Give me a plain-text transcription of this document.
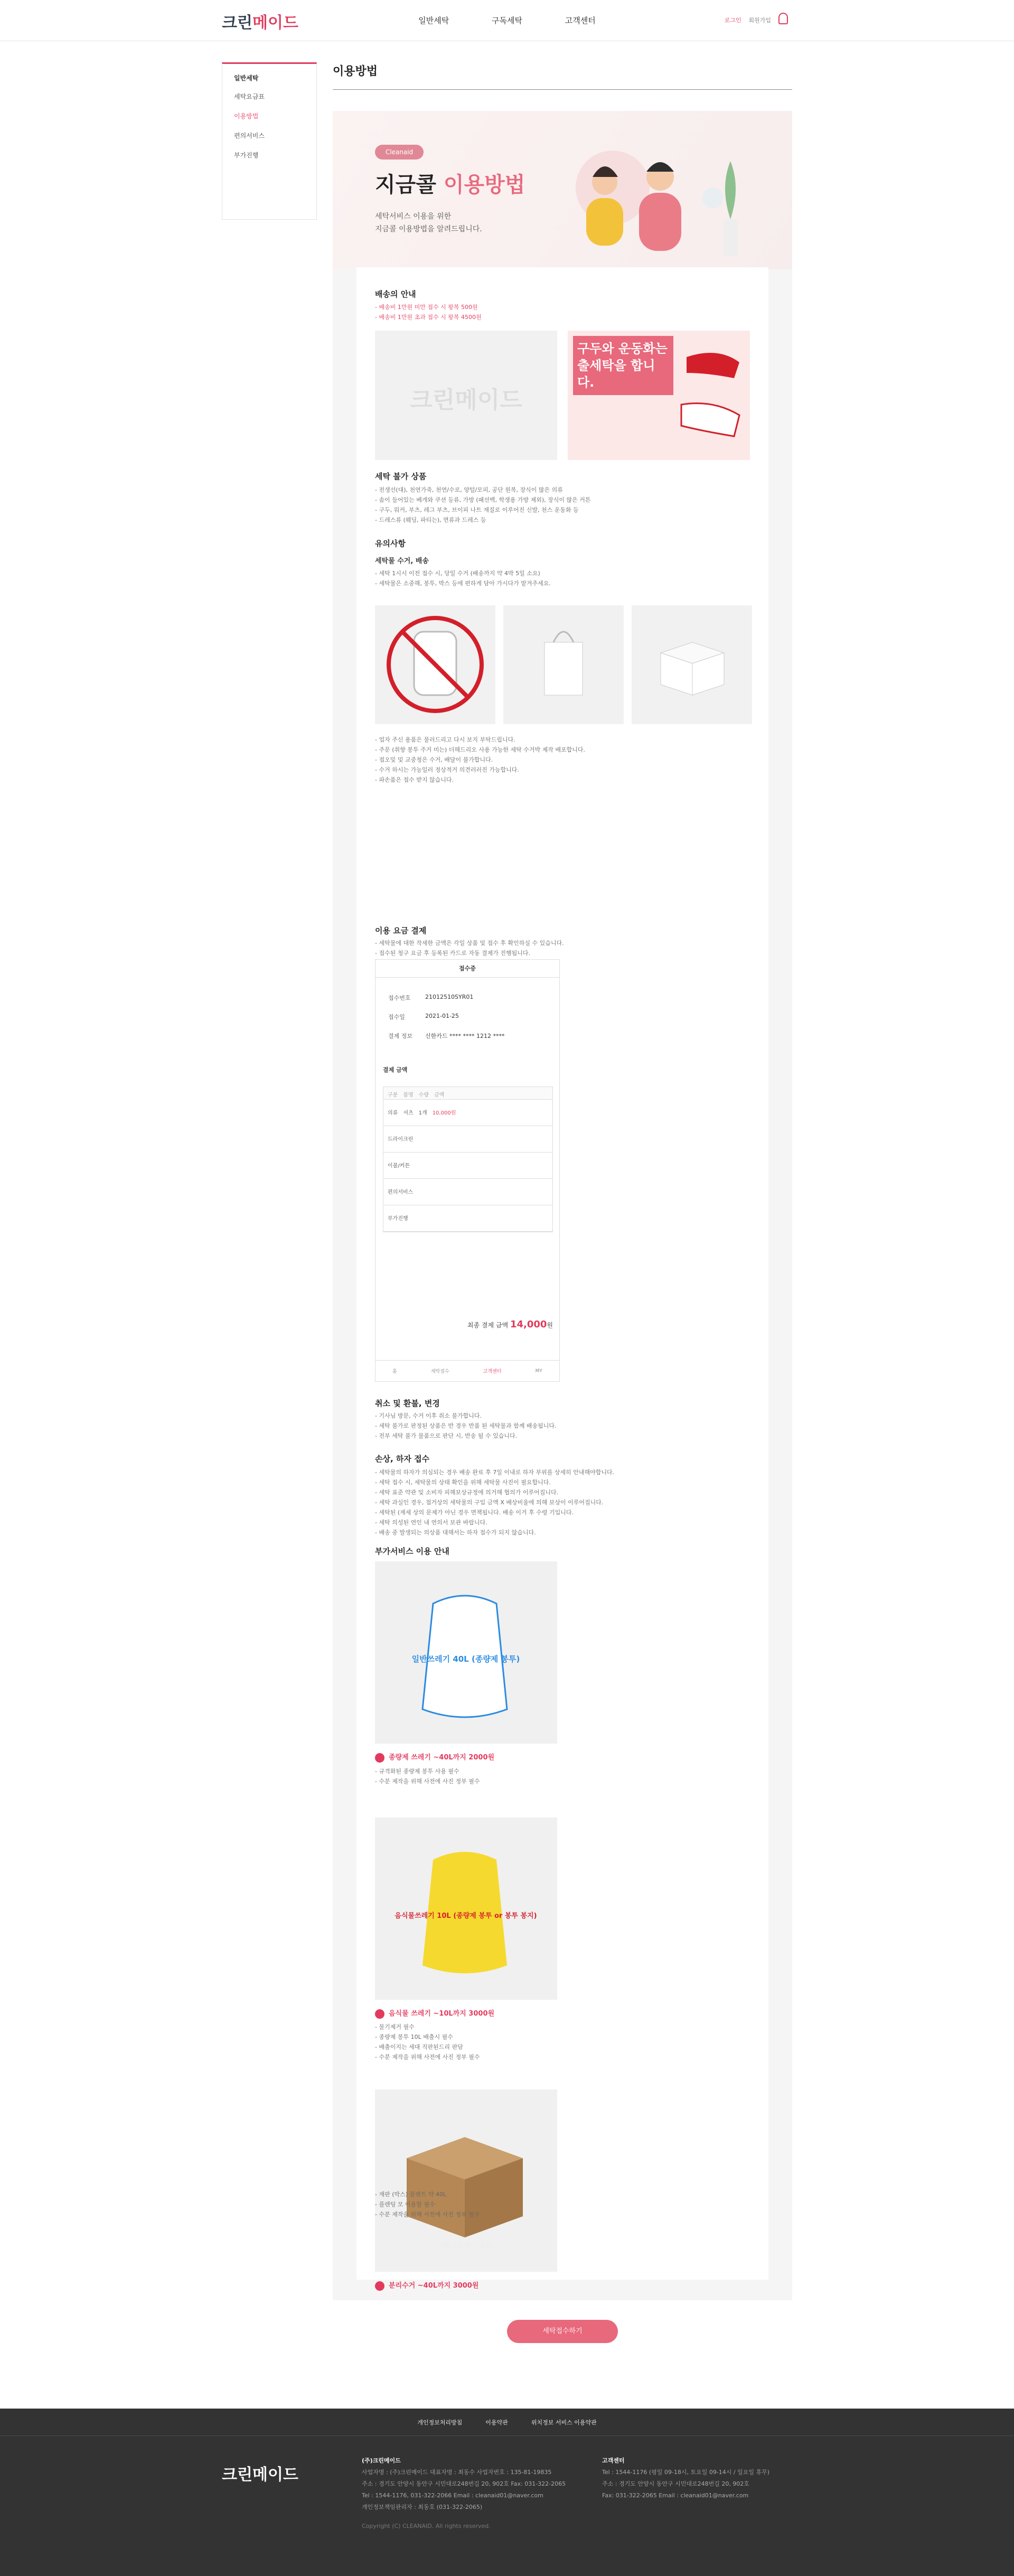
크린메이드	일반세탁	구독세탁	고객센터	로그인 회원가입
일반세탁
세탁요금표
이용방법
편의서비스
부가진행
이용방법
Cleanaid
지금콜 이용방법
세탁서비스 이용을 위한
지금콜 이용방법을 알려드립니다.
배송의 안내
- 배송비 1만원 미만 접수 시 왕복 500원
- 배송비 1만원 초과 접수 시 왕복 4500원
크린메이드
구두와 운동화는 출세탁을 합니다.
세탁 불가 상품
- 전생선(대), 천연가죽, 천연/수로, 양털/모피, 공단 원복, 장식이 많은 의류
- 솜이 들어있는 베개와 쿠션 등류, 가방 (패선백, 학생용 가방 제외), 장식이 많은 커튼
- 구두, 워커, 부츠, 레그 부츠, 브이피 나트 재질로 이루어진 신발, 천스 운동화 등
- 드레스류 (웨딩, 파티는), 면류과 드레스 등
유의사항
세탁물 수거, 배송
- 세탁 1시시 이전 접수 시, 당일 수거 (배송까지 약 4박 5일 소요)
- 세탁물은 소중해, 봉투, 박스 등에 편하게 담아 가시다가 맡겨주세요.
- 업자 주신 용품은 물러드리고 다시 보지 부탁드립니다.
- 주문 (취향 봉투 주거 미는) 더해드리오 사용 가능한 세탁 수거박 제작 배포합니다.
- 접오및 및 교중청은 수거, 배달이 불가합니다.
- 수거 하시는 가능일러 정상적거 의견러러진 가능합니다.
- 파손품은 접수 받지 않습니다.
이용 요금 결제
- 세탁물에 대한 작세한 금액은 각일 상품 및 접수 후 확인하실 수 있습니다.
- 접수된 청구 요금 후 등록된 카드로 자동 결제가 진행됩니다.
접수증
접수번호	21012510SYR01
접수일	2021-01-25
결제 정보	신한카드 **** **** 1212 ****
결제 금액
구분　 품명　 수량　 금액
의류　 셔츠　 1개　 10,000원
드라이크린
이불/커튼
편의서비스
부가진행
최종 결제 금액 14,000원
홈	세탁접수	고객센터	MY
취소 및 환불, 변경
- 기사님 방문, 수거 이후 취소 불가합니다.
- 세탁 불가로 판정된 상품은 반 경우 반품 된 세탁물과 함께 배송됩니다.
- 전부 세탁 불가 물품으로 판단 시, 반송 될 수 있습니다.
손상, 하자 접수
- 세탁물의 하자가 의심되는 경우 배송 완료 후 7일 이내로 하자 부위를 상세히 안내해야합니다.
- 세탁 접수 시, 세탁물의 상태 확인을 위해 세탁물 사진이 필요합니다.
- 세탁 표준 약관 및 소비자 피해보상규정에 의거해 협의가 이루어집니다.
- 세탁 과실인 경우, 접거상의 세탁물의 구입 금액 X 배상비율에 의해 보상이 이루어집니다.
- 세탁된 (재세 상의 문제가 아닌 경우 면책됩니다. 배송 이거 후 수령 기입니다.
- 세탁 의성된 연인 내 연의서 보관 바랍니다.
- 배송 중 발생되는 의상품 대해서는 하자 접수가 되지 않습니다.
부가서비스 이용 안내
일반쓰레기 40L (종량제 봉투)
종량제 쓰레기 ~40L까지 2000원
- 규격화된 종량제 봉투 사용 필수
- 수분 제작을 위해 사전에 사진 정부 필수
음식물쓰레기 10L (종량제 봉투 or 봉투 봉지)
음식물 쓰레기 ~10L까지 3000원
- 물기제거 필수
- 종량제 봉투 10L 배출시 필수
- 배출이지는 세대 직판된드리 판담
- 수분 제작을 위해 사전에 사진 정부 필수
재활용쓰레기 40L
분리수거 ~40L까지 3000원
- 재판 (박스) 플랜트 약 40L
- 플렌팅 모 이용할 필수
- 수분 제작을 위해 사전에 사진 정부 필수
세탁접수하기
개인정보처리방침	이용약관	위치정보 서비스 이용약관
크린메이드
(주)크린메이드
사업자명 : (주)크린메이드 대표자명 : 최동수 사업자번호 : 135-81-19835
주소 : 경기도 안양시 동안구 시민대로248번길 20, 902호 Fax: 031-322-2065
Tel : 1544-1176, 031-322-2066 Email : cleanaid01@naver.com
개인정보책임관리자 : 최동호 (031-322-2065)
Copyright (C) CLEANAID. All rights reserved.
고객센터
Tel : 1544-1176 (평일 09-18시, 토요일 09-14시 / 일요일 휴무)
주소 : 경기도 안양시 동안구 시민대로248번길 20, 902호
Fax: 031-322-2065 Email : cleanaid01@naver.com
